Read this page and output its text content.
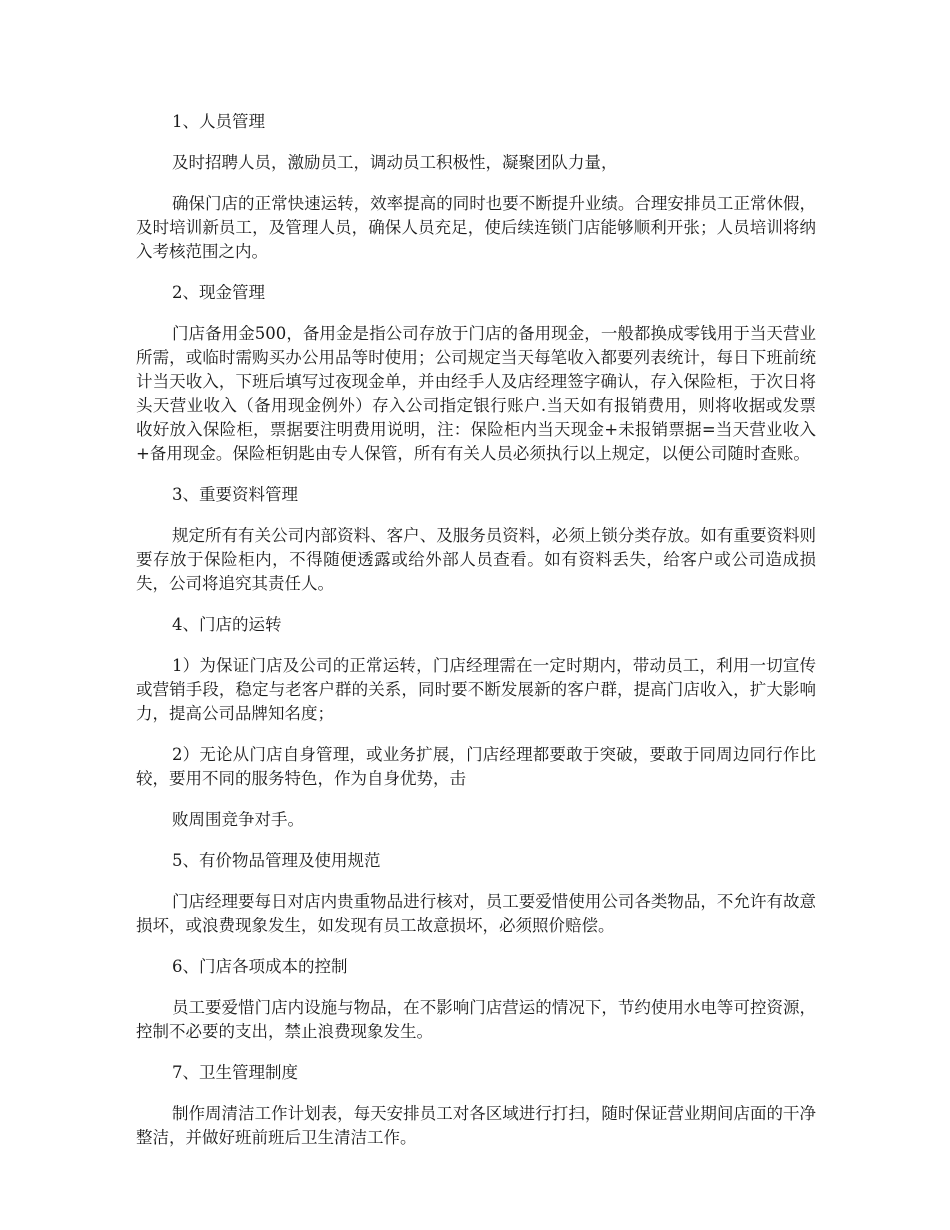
1、人员管理
及时招聘人员，激励员工，调动员工积极性，凝聚团队力量，
确保门店的正常快速运转，效率提高的同时也要不断提升业绩。合理安排员工正常休假，及时培训新员工，及管理人员，确保人员充足，使后续连锁门店能够顺利开张；人员培训将纳入考核范围之内。
2、现金管理
门店备用金500，备用金是指公司存放于门店的备用现金，一般都换成零钱用于当天营业所需，或临时需购买办公用品等时使用；公司规定当天每笔收入都要列表统计，每日下班前统计当天收入，下班后填写过夜现金单，并由经手人及店经理签字确认，存入保险柜，于次日将头天营业收入（备用现金例外）存入公司指定银行账户.当天如有报销费用，则将收据或发票收好放入保险柜，票据要注明费用说明，注：保险柜内当天现金+未报销票据=当天营业收入+备用现金。保险柜钥匙由专人保管，所有有关人员必须执行以上规定，以便公司随时查账。
3、重要资料管理
规定所有有关公司内部资料、客户、及服务员资料，必须上锁分类存放。如有重要资料则要存放于保险柜内，不得随便透露或给外部人员查看。如有资料丢失，给客户或公司造成损失，公司将追究其责任人。
4、门店的运转
1）为保证门店及公司的正常运转，门店经理需在一定时期内，带动员工，利用一切宣传或营销手段，稳定与老客户群的关系，同时要不断发展新的客户群，提高门店收入，扩大影响力，提高公司品牌知名度；
2）无论从门店自身管理，或业务扩展，门店经理都要敢于突破，要敢于同周边同行作比较，要用不同的服务特色，作为自身优势，击
败周围竞争对手。
5、有价物品管理及使用规范
门店经理要每日对店内贵重物品进行核对，员工要爱惜使用公司各类物品，不允许有故意损坏，或浪费现象发生，如发现有员工故意损坏，必须照价赔偿。
6、门店各项成本的控制
员工要爱惜门店内设施与物品，在不影响门店营运的情况下，节约使用水电等可控资源，控制不必要的支出，禁止浪费现象发生。
7、卫生管理制度
制作周清洁工作计划表，每天安排员工对各区域进行打扫，随时保证营业期间店面的干净整洁，并做好班前班后卫生清洁工作。
